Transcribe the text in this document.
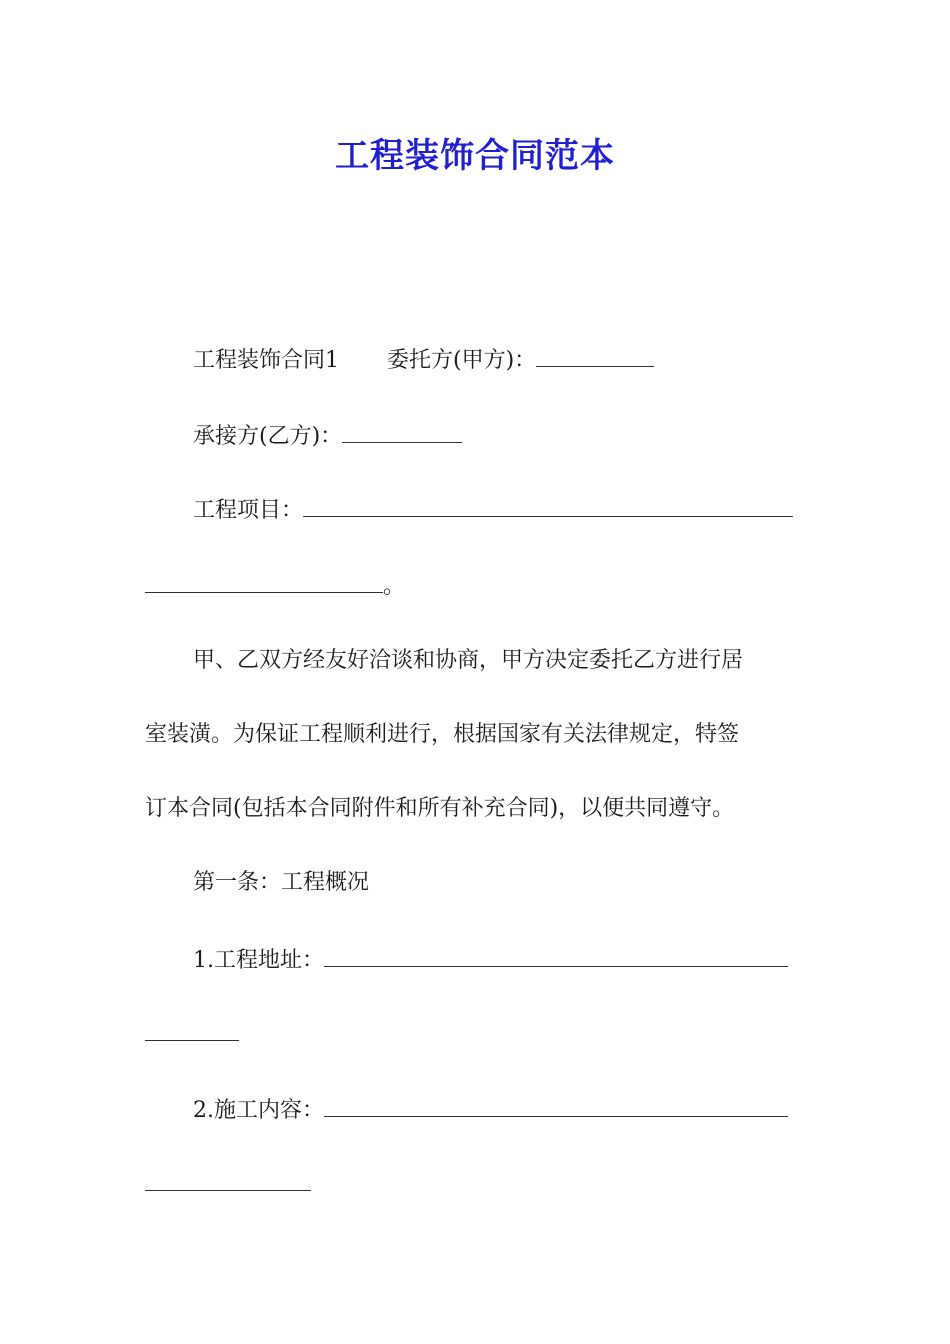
工程装饰合同范本
工程装饰合同1 委托方(甲方)：
承接方(乙方)：
工程项目：
。
甲、乙双方经友好洽谈和协商，甲方决定委托乙方进行居
室装潢。为保证工程顺利进行，根据国家有关法律规定，特签
订本合同(包括本合同附件和所有补充合同)，以便共同遵守。
第一条：工程概况
1.工程地址：
2.施工内容：
